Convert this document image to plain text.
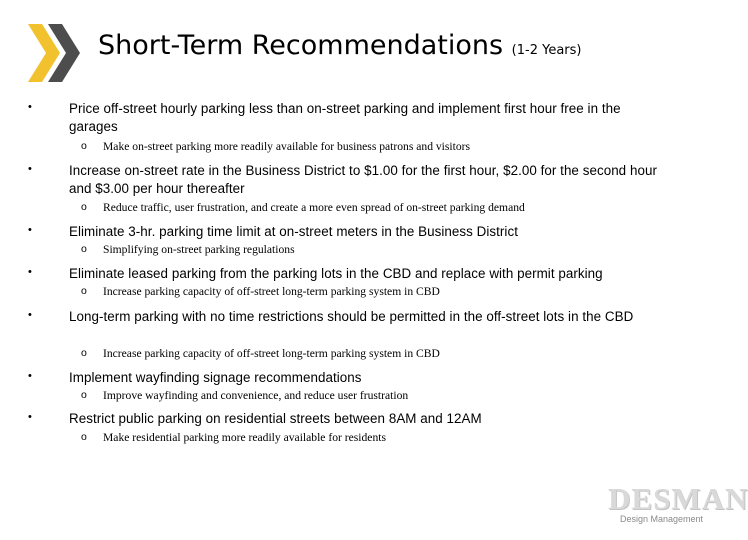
Short-Term Recommendations (1-2 Years)
•	Price off-street hourly parking less than on-street parking and implement first hour free in the garages
o Make on-street parking more readily available for business patrons and visitors
•	Increase on-street rate in the Business District to $1.00 for the first hour, $2.00 for the second hour and $3.00 per hour thereafter
o Reduce traffic, user frustration, and create a more even spread of on-street parking demand
•	Eliminate 3-hr. parking time limit at on-street meters in the Business District
o Simplifying on-street parking regulations
•	Eliminate leased parking from the parking lots in the CBD and replace with permit parking
o Increase parking capacity of off-street long-term parking system in CBD
•	Long-term parking with no time restrictions should be permitted in the off-street lots in the CBD
o Increase parking capacity of off-street long-term parking system in CBD
•	Implement wayfinding signage recommendations
o Improve wayfinding and convenience, and reduce user frustration
•	Restrict public parking on residential streets between 8AM and 12AM
o Make residential parking more readily available for residents
DESMAN
Design Management
